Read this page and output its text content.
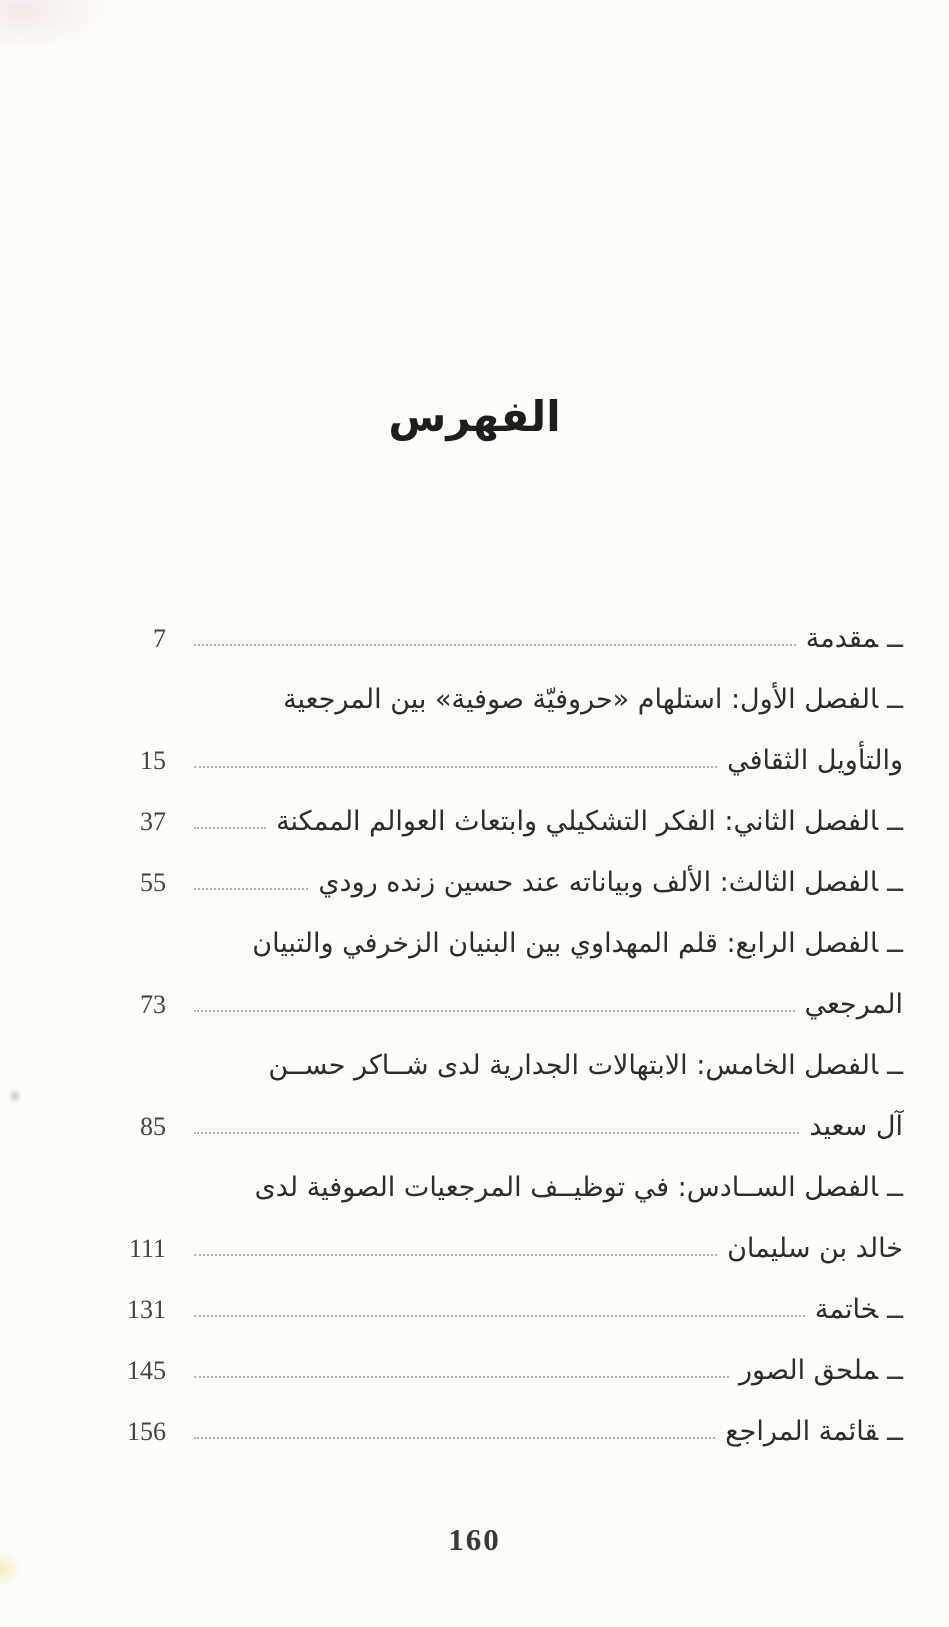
الفهرس
ــمقدمة
7
ــالفصل الأول: استلهام «حروفيّة صوفية» بين المرجعية
والتأويل الثقافي
15
ــالفصل الثاني: الفكر التشكيلي وابتعاث العوالم الممكنة
37
ــالفصل الثالث: الألف وبياناته عند حسين زنده رودي
55
ــالفصل الرابع: قلم المهداوي بين البنيان الزخرفي والتبيان
المرجعي
73
ــالفصل الخامس: الابتهالات الجدارية لدى شــاكر حســن
آل سعيد
85
ــالفصل الســادس: في توظيــف المرجعيات الصوفية لدى
خالد بن سليمان
111
ــخاتمة
131
ــملحق الصور
145
ــقائمة المراجع
156
160
